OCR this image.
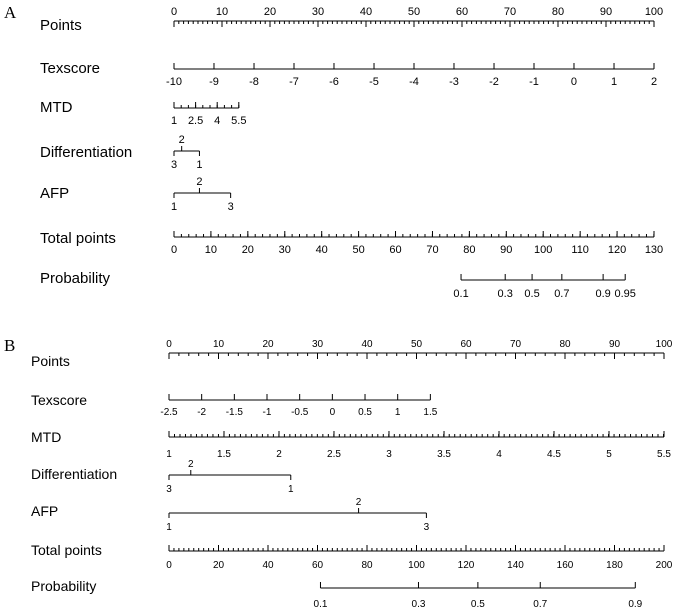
A
Points
0	10	20	30	40	50	60	70	80	90	100
Texscore
-10 -9	-8	-7	-6	-5	-4	-3	-2	-1	0	1	2
MTD
1 2.5 4 5.5
Differentiation
2
3 1
AFP
2
1	3
Total points
0	10 20 30 40 50 60 70 80 90 100 110 120 130
Probability
0.1	0.3 0.5 0.7 0.9 0.95
B
Points
0	10	20	30	40	50	60	70	80	90	100
Texscore
-2.5 -2 -1.5 -1 -0.5 0 0.5 1 1.5
MTD
1	1.5	2	2.5	3	3.5	4	4.5	5	5.5
Differentiation
2
3	1
AFP
2
1	3
Total points
0	20	40	60	80	100	120	140	160	180	200
Probability
0.1	0.3	0.5	0.7	0.9
